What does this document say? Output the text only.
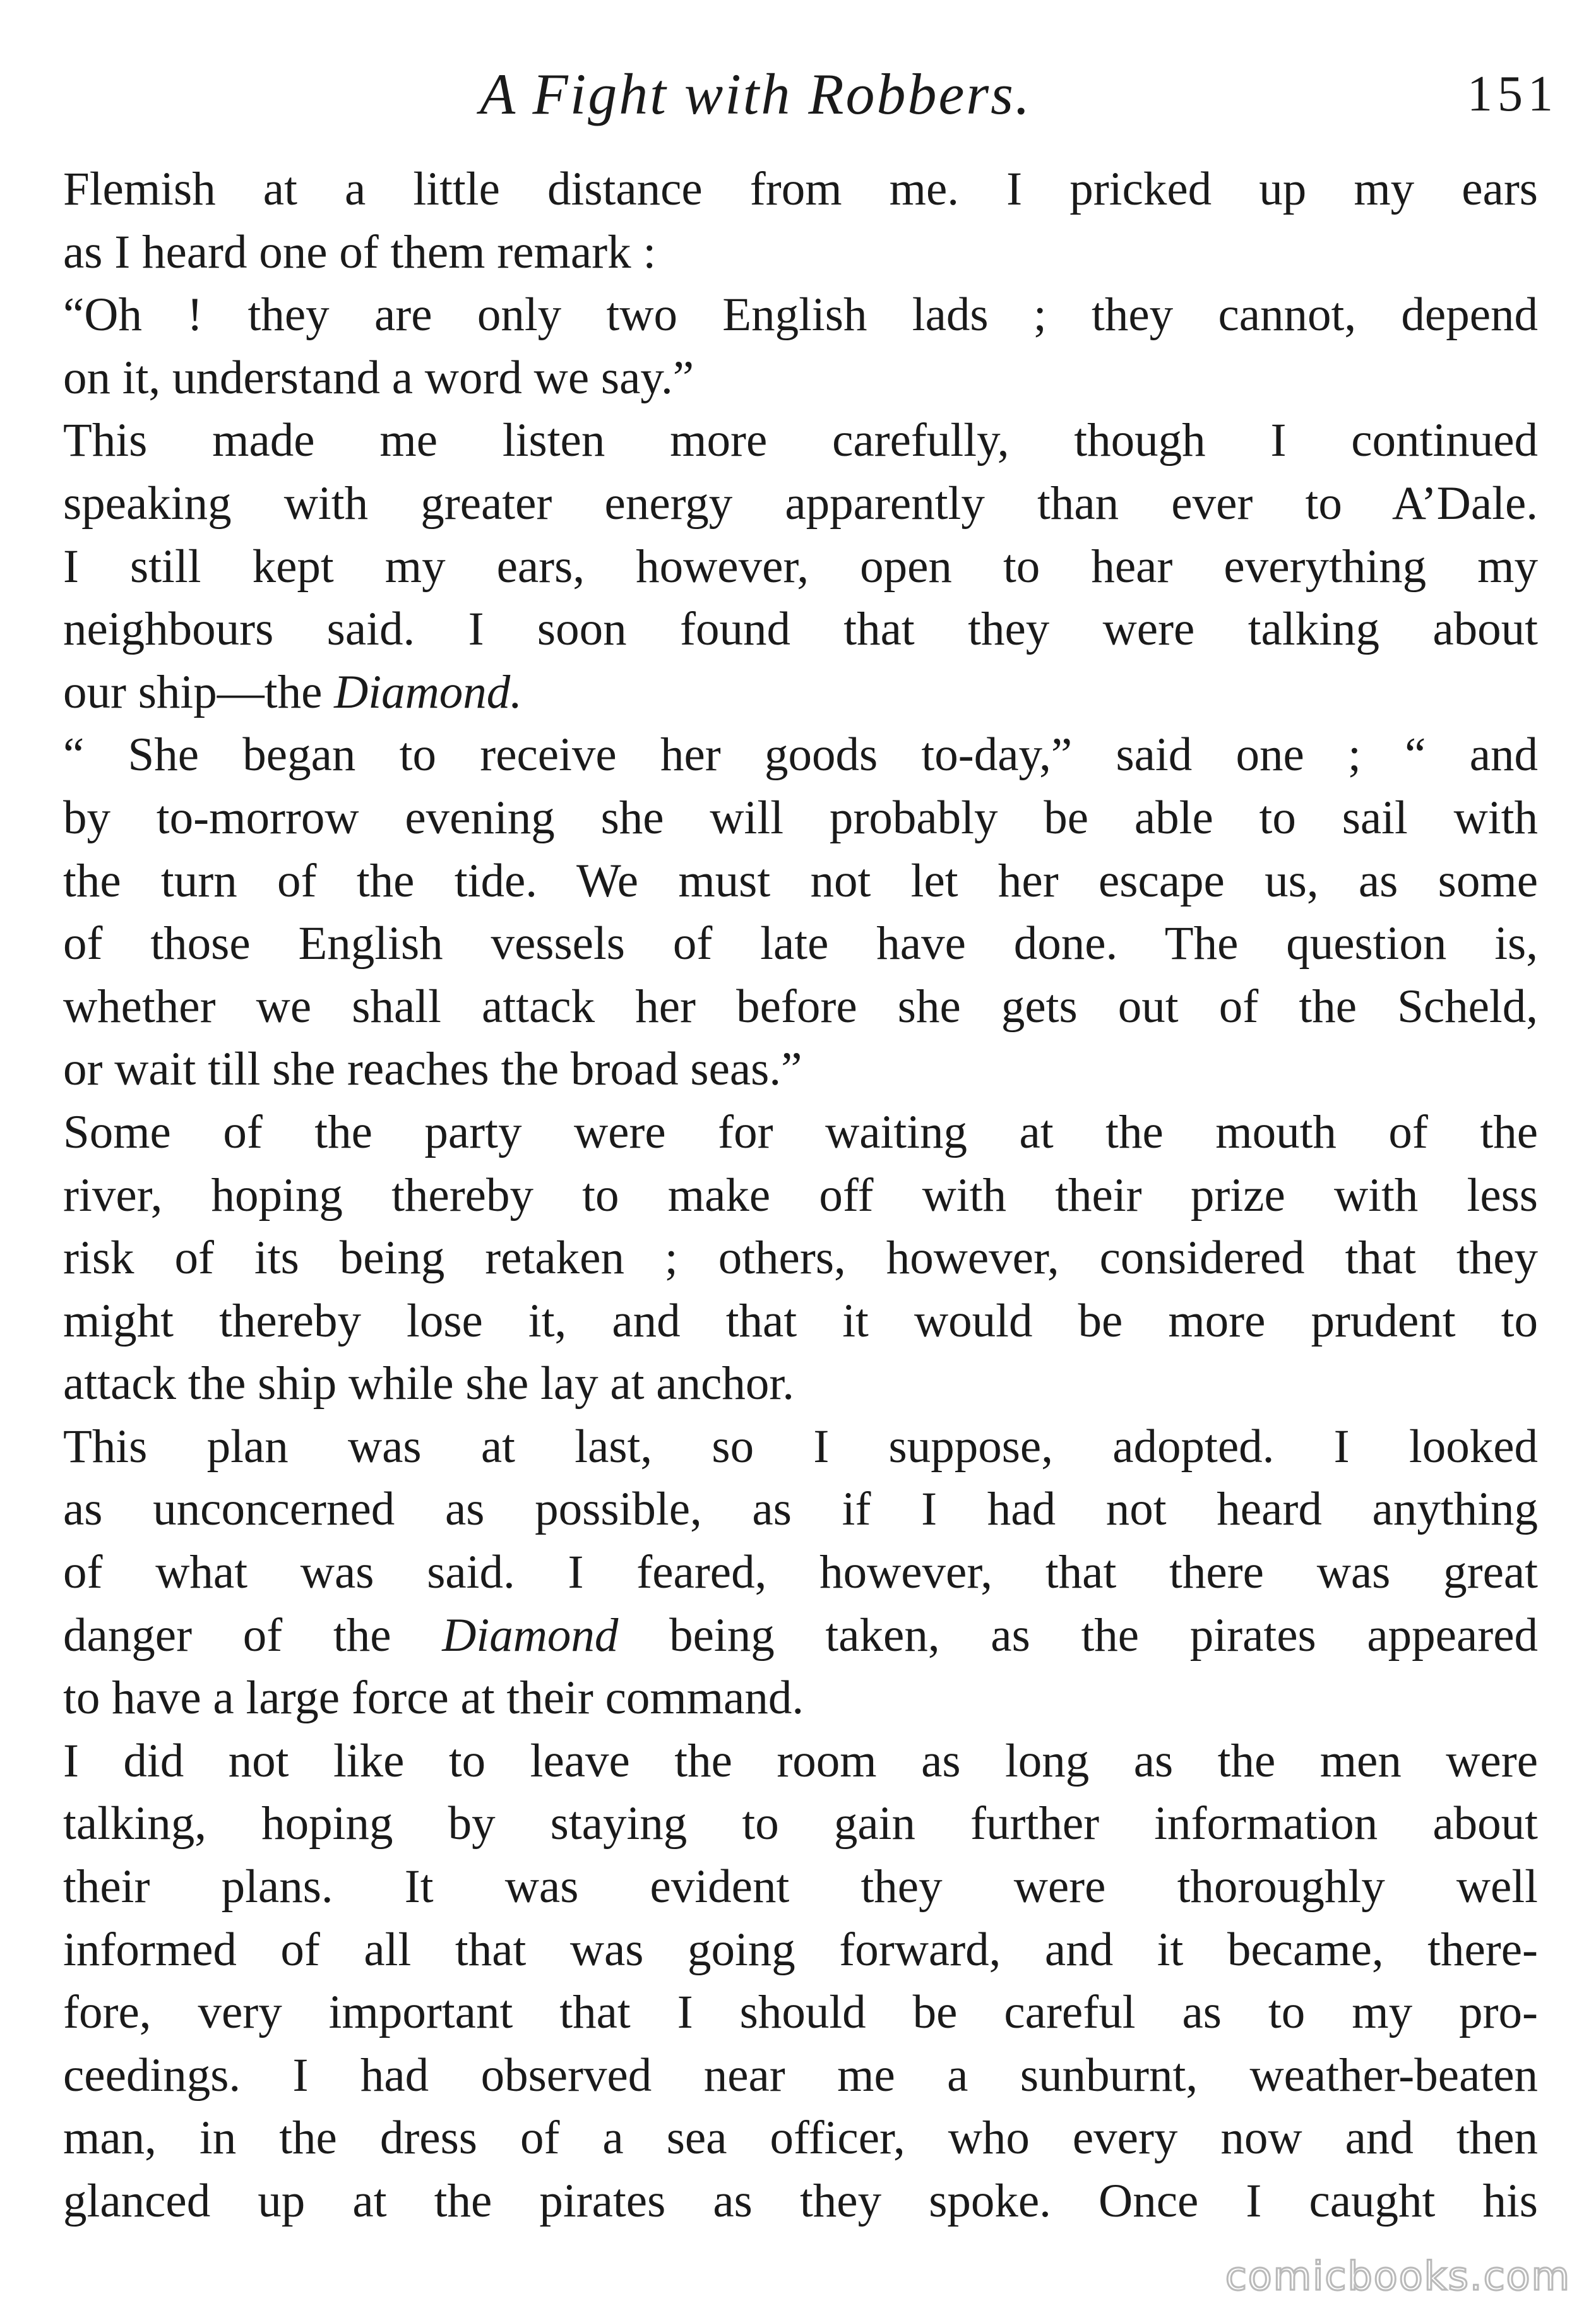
A Fight with Robbers.	151
Flemish at a little distance from me. I pricked up my ears
as I heard one of them remark :
“Oh ! they are only two English lads ; they cannot, depend
on it, understand a word we say.”
This made me listen more carefully, though I continued
speaking with greater energy apparently than ever to A’Dale.
I still kept my ears, however, open to hear everything my
neighbours said. I soon found that they were talking about
our ship—the Diamond.
“ She began to receive her goods to-day,” said one ; “ and
by to-morrow evening she will probably be able to sail with
the turn of the tide. We must not let her escape us, as some
of those English vessels of late have done. The question is,
whether we shall attack her before she gets out of the Scheld,
or wait till she reaches the broad seas.”
Some of the party were for waiting at the mouth of the
river, hoping thereby to make off with their prize with less
risk of its being retaken ; others, however, considered that they
might thereby lose it, and that it would be more prudent to
attack the ship while she lay at anchor.
This plan was at last, so I suppose, adopted. I looked
as unconcerned as possible, as if I had not heard anything
of what was said. I feared, however, that there was great
danger of the Diamond being taken, as the pirates appeared
to have a large force at their command.
I did not like to leave the room as long as the men were
talking, hoping by staying to gain further information about
their plans. It was evident they were thoroughly well
informed of all that was going forward, and it became, there-
fore, very important that I should be careful as to my pro-
ceedings. I had observed near me a sunburnt, weather-beaten
man, in the dress of a sea officer, who every now and then
glanced up at the pirates as they spoke. Once I caught his
comicbooks.com
